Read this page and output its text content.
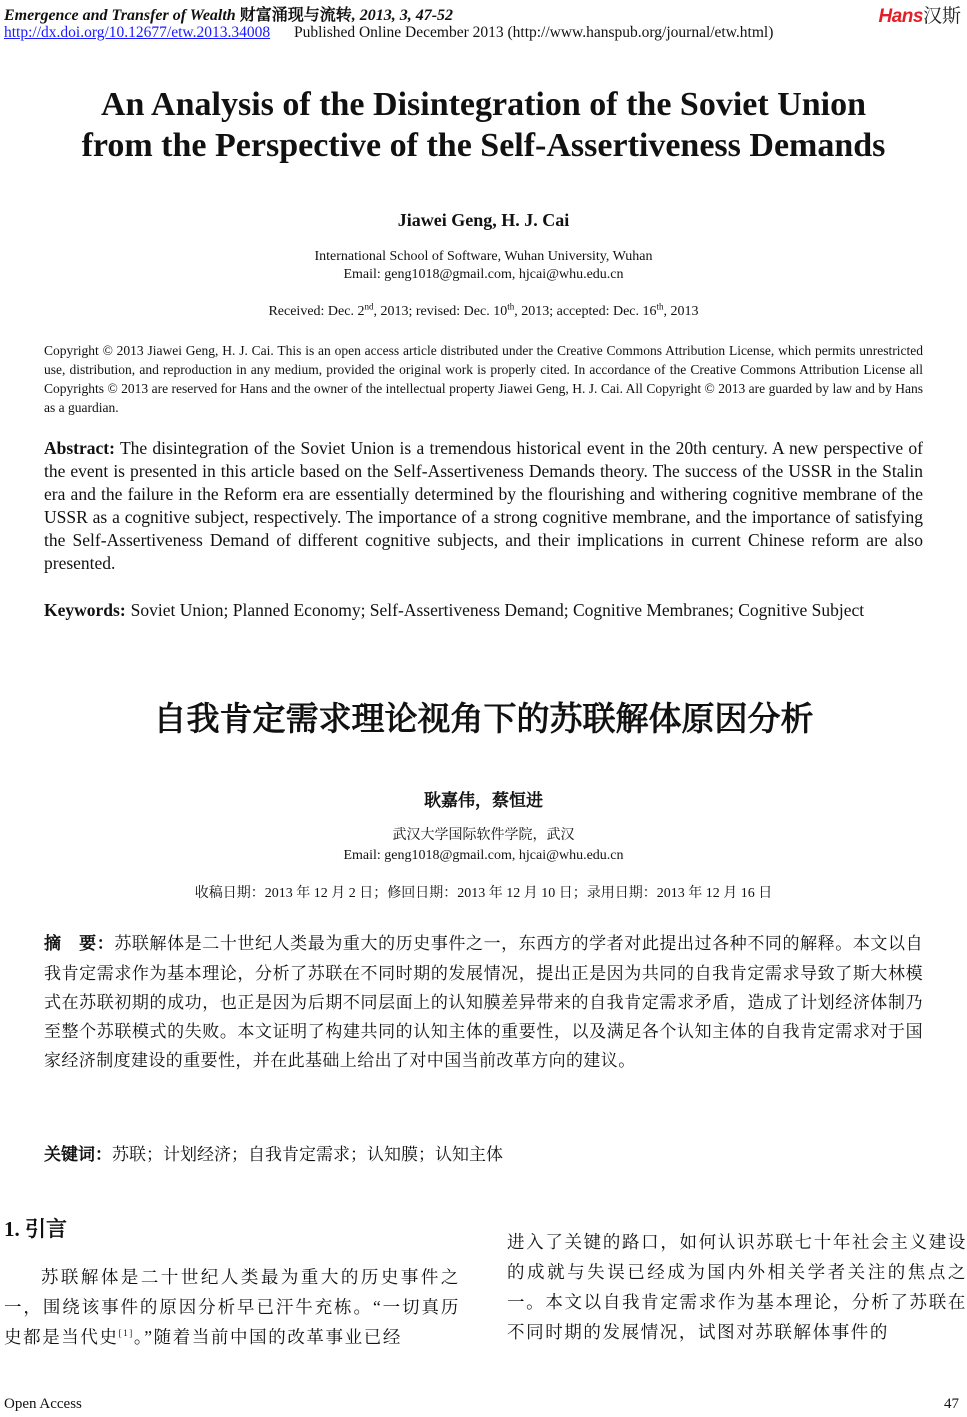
Emergence and Transfer of Wealth 财富涌现与流转, 2013, 3, 47-52	Hans汉斯
http://dx.doi.org/10.12677/etw.2013.34008 Published Online December 2013 (http://www.hanspub.org/journal/etw.html)
An Analysis of the Disintegration of the Soviet Union
from the Perspective of the Self-Assertiveness Demands
Jiawei Geng, H. J. Cai
International School of Software, Wuhan University, Wuhan
Email: geng1018@gmail.com, hjcai@whu.edu.cn
Received: Dec. 2nd, 2013; revised: Dec. 10th, 2013; accepted: Dec. 16th, 2013
Copyright © 2013 Jiawei Geng, H. J. Cai. This is an open access article distributed under the Creative Commons Attribution License, which permits unrestricted use, distribution, and reproduction in any medium, provided the original work is properly cited. In accordance of the Creative Commons Attribution License all Copyrights © 2013 are reserved for Hans and the owner of the intellectual property Jiawei Geng, H. J. Cai. All Copyright © 2013 are guarded by law and by Hans as a guardian.
Abstract: The disintegration of the Soviet Union is a tremendous historical event in the 20th century. A new perspective of the event is presented in this article based on the Self-Assertiveness Demands theory. The success of the USSR in the Stalin era and the failure in the Reform era are essentially determined by the flourishing and withering cognitive membrane of the USSR as a cognitive subject, respectively. The importance of a strong cognitive membrane, and the importance of satisfying the Self-Assertiveness Demand of different cognitive subjects, and their implications in current Chinese reform are also presented.
Keywords: Soviet Union; Planned Economy; Self-Assertiveness Demand; Cognitive Membranes; Cognitive Subject
自我肯定需求理论视角下的苏联解体原因分析
耿嘉伟，蔡恒进
武汉大学国际软件学院，武汉
Email: geng1018@gmail.com, hjcai@whu.edu.cn
收稿日期：2013 年 12 月 2 日；修回日期：2013 年 12 月 10 日；录用日期：2013 年 12 月 16 日
摘　要：苏联解体是二十世纪人类最为重大的历史事件之一，东西方的学者对此提出过各种不同的解释。本文以自我肯定需求作为基本理论，分析了苏联在不同时期的发展情况，提出正是因为共同的自我肯定需求导致了斯大林模式在苏联初期的成功，也正是因为后期不同层面上的认知膜差异带来的自我肯定需求矛盾，造成了计划经济体制乃至整个苏联模式的失败。本文证明了构建共同的认知主体的重要性，以及满足各个认知主体的自我肯定需求对于国家经济制度建设的重要性，并在此基础上给出了对中国当前改革方向的建议。
关键词：苏联；计划经济；自我肯定需求；认知膜；认知主体
1. 引言
苏联解体是二十世纪人类最为重大的历史事件之一，围绕该事件的原因分析早已汗牛充栋。“一切真历史都是当代史[1]。”随着当前中国的改革事业已经
进入了关键的路口，如何认识苏联七十年社会主义建设的成就与失误已经成为国内外相关学者关注的焦点之一。本文以自我肯定需求作为基本理论，分析了苏联在不同时期的发展情况，试图对苏联解体事件的
Open Access	47
